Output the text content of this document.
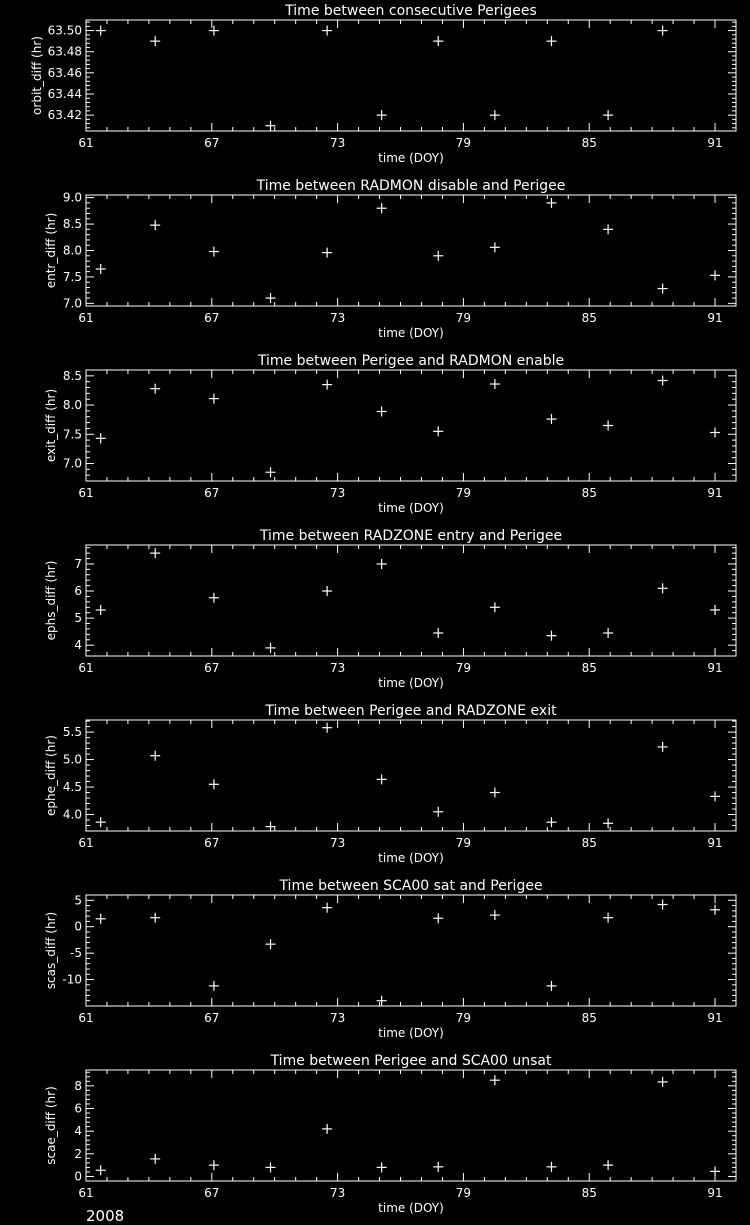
Time between consecutive Perigees
61	67	73	79	85	91
time (DOY)
63.42
63.44
63.46
63.48
63.50
orbit_diff (hr)
Time between RADMON disable and Perigee
61	67	73	79	85	91
time (DOY)
7.0
7.5
8.0
8.5
9.0
entr_diff (hr)
Time between Perigee and RADMON enable
61	67	73	79	85	91
time (DOY)
7.0
7.5
8.0
8.5
exit_diff (hr)
Time between RADZONE entry and Perigee
61	67	73	79	85	91
time (DOY)
4
5
6
7
ephs_diff (hr)
Time between Perigee and RADZONE exit
61	67	73	79	85	91
time (DOY)
4.0
4.5
5.0
5.5
ephe_diff (hr)
Time between SCA00 sat and Perigee
61	67	73	79	85	91
time (DOY)
-10
-5
0
5
scas_diff (hr)
Time between Perigee and SCA00 unsat
61	67	73	79	85	91
time (DOY)
0
2
4
6
8
scae_diff (hr)
2008
